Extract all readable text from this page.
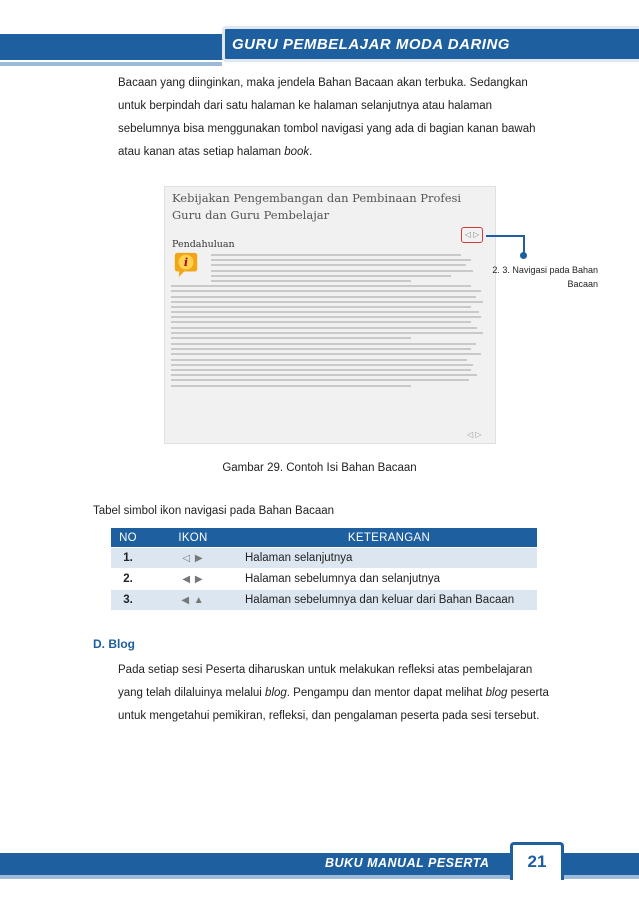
GURU PEMBELAJAR MODA DARING

Bacaan yang diinginkan, maka jendela Bahan Bacaan akan terbuka. Sedangkan

untuk berpindah dari satu halaman ke halaman selanjutnya atau halaman

sebelumnya bisa menggunakan tombol navigasi yang ada di bagian kanan bawah

atau kanan atas setiap halaman book.

Kebijakan Pengembangan dan Pembinaan Profesi Guru dan Guru Pembelajar
◁ ▷
Pendahuluan
i
◁ ▷
2. 3. Navigasi pada Bahan Bacaan
Gambar 29. Contoh Isi Bahan Bacaan
Tabel simbol ikon navigasi pada Bahan Bacaan
NO	IKON	KETERANGAN
1.	◁ ▶	Halaman selanjutnya
2.	◀ ▶	Halaman sebelumnya dan selanjutnya
3.	◀ ▲	Halaman sebelumnya dan keluar dari Bahan Bacaan
D. Blog

Pada setiap sesi Peserta diharuskan untuk melakukan refleksi atas pembelajaran

yang telah dilaluinya melalui blog. Pengampu dan mentor dapat melihat blog peserta

untuk mengetahui pemikiran, refleksi, dan pengalaman peserta pada sesi tersebut.

BUKU MANUAL PESERTA	21
